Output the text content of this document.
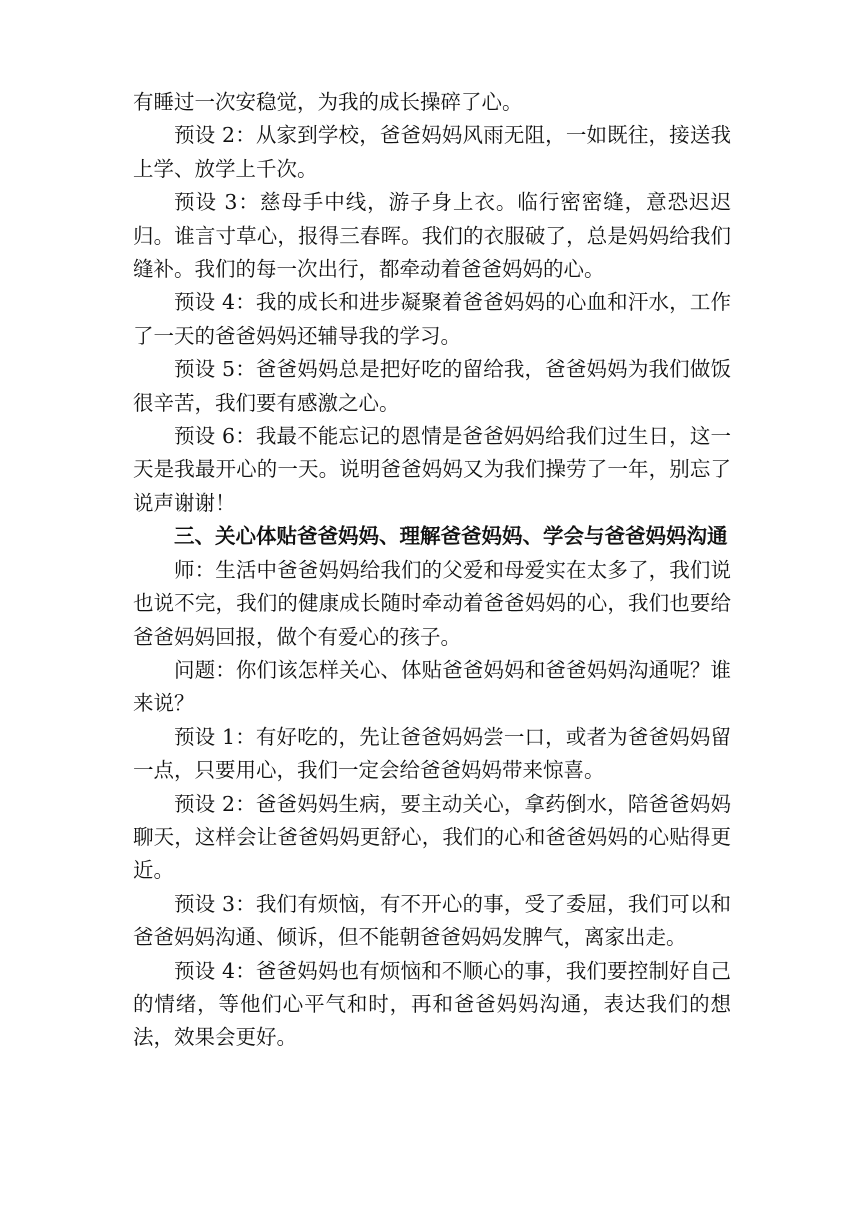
有睡过一次安稳觉，为我的成长操碎了心。

预设 2：从家到学校，爸爸妈妈风雨无阻，一如既往，接送我上学、放学上千次。

预设 3：慈母手中线，游子身上衣。临行密密缝，意恐迟迟归。谁言寸草心，报得三春晖。我们的衣服破了，总是妈妈给我们缝补。我们的每一次出行，都牵动着爸爸妈妈的心。

预设 4：我的成长和进步凝聚着爸爸妈妈的心血和汗水，工作了一天的爸爸妈妈还辅导我的学习。

预设 5：爸爸妈妈总是把好吃的留给我，爸爸妈妈为我们做饭很辛苦，我们要有感激之心。

预设 6：我最不能忘记的恩情是爸爸妈妈给我们过生日，这一天是我最开心的一天。说明爸爸妈妈又为我们操劳了一年，别忘了说声谢谢！

三、关心体贴爸爸妈妈、理解爸爸妈妈、学会与爸爸妈妈沟通

师：生活中爸爸妈妈给我们的父爱和母爱实在太多了，我们说也说不完，我们的健康成长随时牵动着爸爸妈妈的心，我们也要给爸爸妈妈回报，做个有爱心的孩子。

问题：你们该怎样关心、体贴爸爸妈妈和爸爸妈妈沟通呢？谁来说？

预设 1：有好吃的，先让爸爸妈妈尝一口，或者为爸爸妈妈留一点，只要用心，我们一定会给爸爸妈妈带来惊喜。

预设 2：爸爸妈妈生病，要主动关心，拿药倒水，陪爸爸妈妈聊天，这样会让爸爸妈妈更舒心，我们的心和爸爸妈妈的心贴得更近。

预设 3：我们有烦恼，有不开心的事，受了委屈，我们可以和爸爸妈妈沟通、倾诉，但不能朝爸爸妈妈发脾气，离家出走。

预设 4：爸爸妈妈也有烦恼和不顺心的事，我们要控制好自己的情绪，等他们心平气和时，再和爸爸妈妈沟通，表达我们的想法，效果会更好。
